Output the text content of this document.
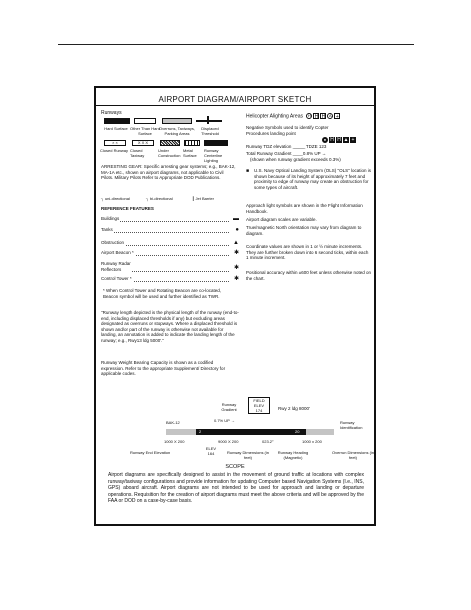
AIRPORT DIAGRAM/AIRPORT SKETCH
Runways
Hard Surface Other Than Hard Surface
Overruns, Taxiways, Parking Areas
Displaced Threshold
× ×	X X X
Closed Runway Closed Taxiway
Under Construction
Metal Surface
Runway Centerline Lighting
ARRESTING GEAR: Specific arresting gear systems; e.g., BAK-12, MA-1A etc., shown on airport diagrams, not applicable to Civil Pilots. Military Pilots Refer to Appropriate DOD Publications.
┐ uni-directional	┐ bi-directional	┃ Jet Barrier
REFERENCE FEATURES
Buildings	▬
Tanks	●
Obstruction	▲
Airport Beacon *	✱
Runway Radar Reflectors	✱
Control Tower *	✱
* When Control Tower and Rotating Beacon are co-located, Beacon symbol will be used and further identified as TWR.
"Runway length depicted is the physical length of the runway (end-to-end, including displaced thresholds if any) but excluding areas designated as overruns or stopways. Where a displaced threshold is shown and/or part of the runway is otherwise not available for landing, an annotation is added to indicate the landing length of the runway; e.g., Rwy13 ldg 5000'."
Runway Weight Bearing Capacity is shown as a codified expression. Refer to the appropriate Supplement/ Directory for applicable codes.
Helicopter Alighting Areas H H H A +
Negative Symbols used to identify Copter Procedures landing point
● H H ▲ +
Runway TDZ elevation ______ TDZE 123
Total Runway Gradient ____0.8% UP →
(shown when runway gradient exceeds 0.3%)
■ U.S. Navy Optical Landing System (OLS) "OLS" location is shown because of its height of approximately 7 feet and proximity to edge of runway may create an obstruction for some types of aircraft.
Approach light symbols are shown in the Flight Information Handbook.
Airport diagram scales are variable.
True/magnetic North orientation may vary from diagram to diagram.
Coordinate values are shown in 1 or ½ minute increments. They are further broken down into 6 second ticks, within each 1 minute increment.
Positional accuracy within ±600 feet unless otherwise noted on the chart.
Runway Gradient
FIELD ELEV
174	Rwy 2 ldg 8000'
BAK-12	0.7% UP →	Runway Identification
2	20
1000 X 200	9000 X 200	023.2°	1000 x 200
ELEV
164
Runway End Elevation	Runway Dimensions (in feet)
Runway Heading (Magnetic)
Overrun Dimensions (in feet)
SCOPE
Airport diagrams are specifically designed to assist in the movement of ground traffic at locations with complex runway/taxiway configurations and provide information for updating Computer based Navigation Systems (I.e., INS, GPS) aboard aircraft. Airport diagrams are not intended to be used for approach and landing or departure operations. Requisition for the creation of airport diagrams must meet the above criteria and will be approved by the FAA or DOD on a case-by-case basis.
